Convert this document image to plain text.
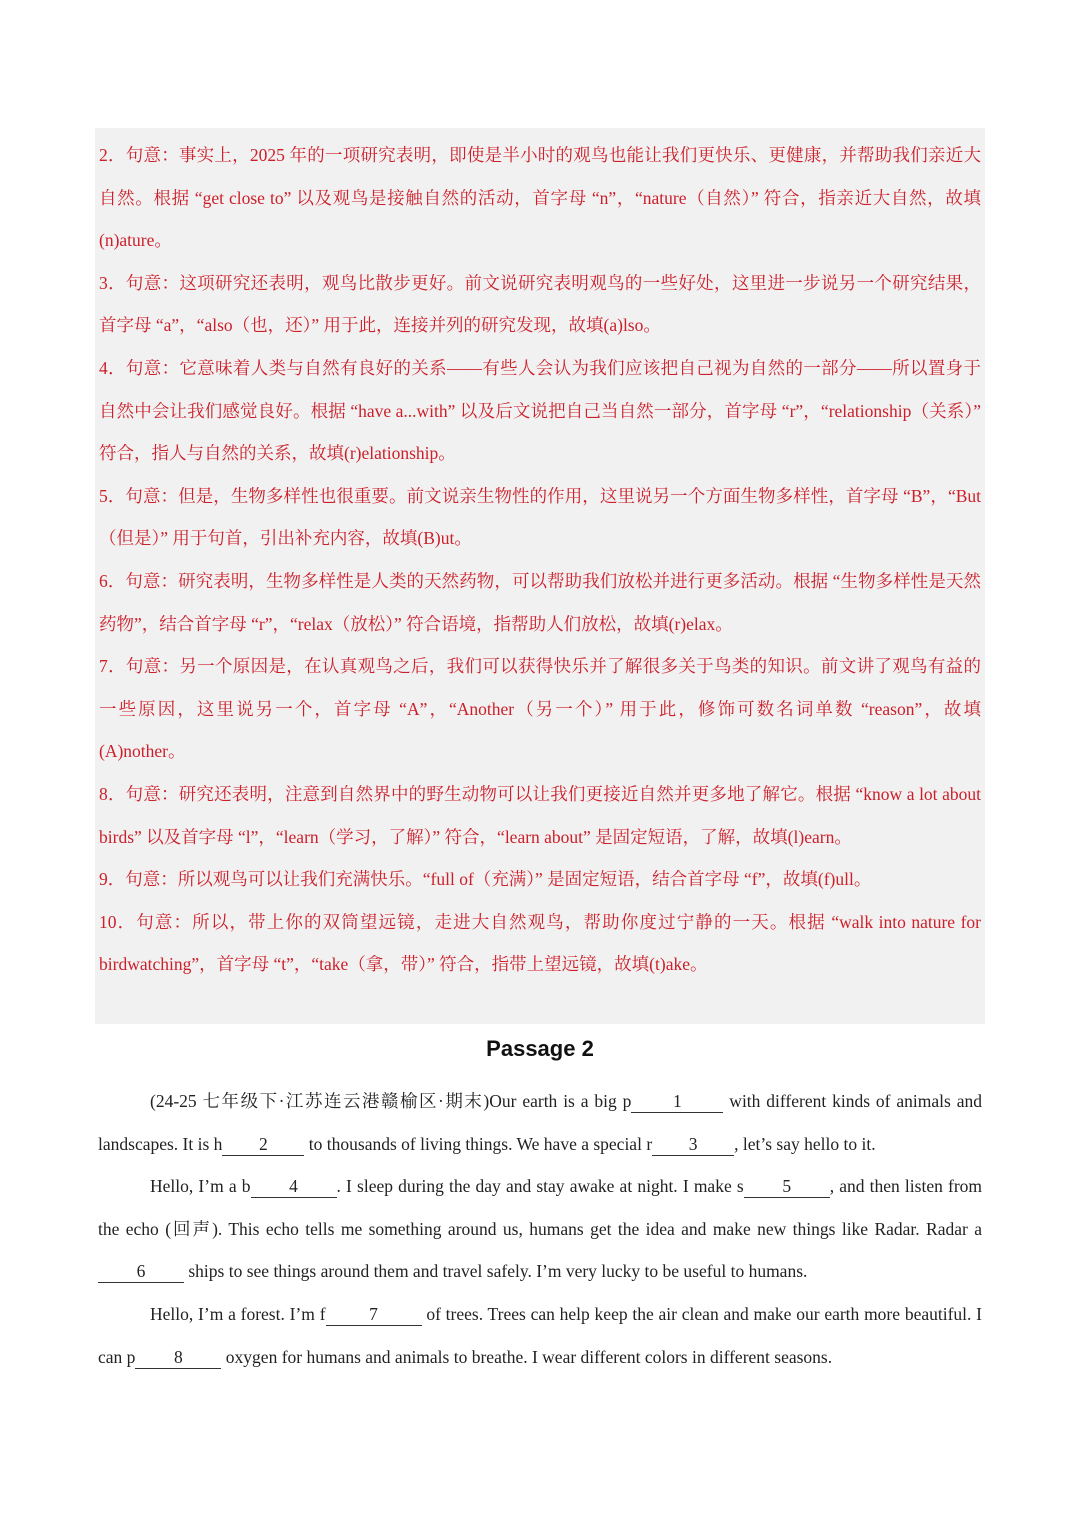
2．句意：事实上，2025 年的一项研究表明，即使是半小时的观鸟也能让我们更快乐、更健康，并帮助我们亲近大自然。根据 “get close to” 以及观鸟是接触自然的活动，首字母 “n”，“nature（自然）” 符合，指亲近大自然，故填(n)ature。

3．句意：这项研究还表明，观鸟比散步更好。前文说研究表明观鸟的一些好处，这里进一步说另一个研究结果，首字母 “a”，“also（也，还）” 用于此，连接并列的研究发现，故填(a)lso。

4．句意：它意味着人类与自然有良好的关系——有些人会认为我们应该把自己视为自然的一部分——所以置身于自然中会让我们感觉良好。根据 “have a...with” 以及后文说把自己当自然一部分，首字母 “r”，“relationship（关系）” 符合，指人与自然的关系，故填(r)elationship。

5．句意：但是，生物多样性也很重要。前文说亲生物性的作用，这里说另一个方面生物多样性，首字母 “B”，“But（但是）” 用于句首，引出补充内容，故填(B)ut。

6．句意：研究表明，生物多样性是人类的天然药物，可以帮助我们放松并进行更多活动。根据 “生物多样性是天然药物”，结合首字母 “r”，“relax（放松）” 符合语境，指帮助人们放松，故填(r)elax。

7．句意：另一个原因是，在认真观鸟之后，我们可以获得快乐并了解很多关于鸟类的知识。前文讲了观鸟有益的一些原因，这里说另一个，首字母 “A”，“Another（另一个）” 用于此，修饰可数名词单数 “reason”，故填(A)nother。

8．句意：研究还表明，注意到自然界中的野生动物可以让我们更接近自然并更多地了解它。根据 “know a lot about birds” 以及首字母 “l”，“learn（学习，了解）” 符合，“learn about” 是固定短语，了解，故填(l)earn。

9．句意：所以观鸟可以让我们充满快乐。“full of（充满）” 是固定短语，结合首字母 “f”，故填(f)ull。

10．句意：所以，带上你的双筒望远镜，走进大自然观鸟，帮助你度过宁静的一天。根据 “walk into nature for birdwatching”，首字母 “t”，“take（拿，带）” 符合，指带上望远镜，故填(t)ake。

Passage 2

(24-25 七年级下·江苏连云港赣榆区·期末)Our earth is a big p 1 with different kinds of animals and landscapes. It is h 2 to thousands of living things. We have a special r 3 , let’s say hello to it.

Hello, I’m a b 4 . I sleep during the day and stay awake at night. I make s 5 , and then listen from the echo (回声). This echo tells me something around us, humans get the idea and make new things like Radar. Radar a6 ships to see things around them and travel safely. I’m very lucky to be useful to humans.

Hello, I’m a forest. I’m f 7 of trees. Trees can help keep the air clean and make our earth more beautiful. I can p 8 oxygen for humans and animals to breathe. I wear different colors in different seasons.
